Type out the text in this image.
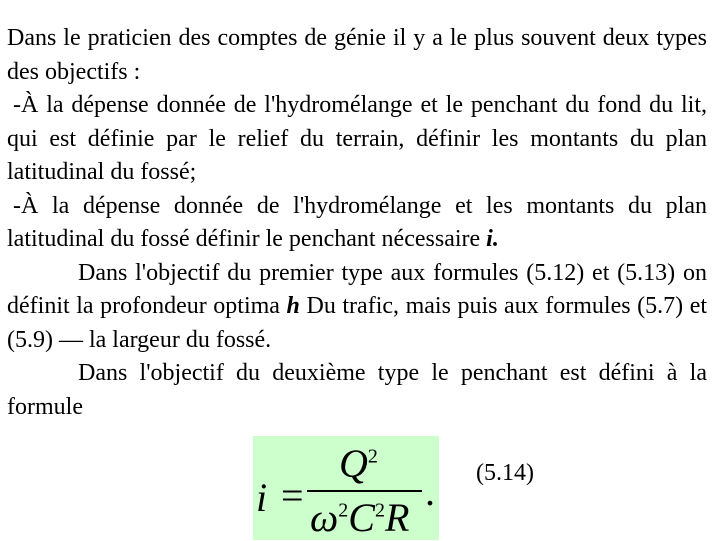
Dans le praticien des comptes de génie il y a le plus souvent deux types des objectifs :

-À la dépense donnée de l'hydromélange et le penchant du fond du lit, qui est définie par le relief du terrain, définir les montants du plan latitudinal du fossé;

-À la dépense donnée de l'hydromélange et les montants du plan latitudinal du fossé définir le penchant nécessaire i.

Dans l'objectif du premier type aux formules (5.12) et (5.13) on définit la profondeur optima h Du trafic, mais puis aux formules (5.7) et (5.9) — la largeur du fossé.

Dans l'objectif du deuxième type le penchant est défini à la formule

i =
$Q^2$
$\omega^2C^2R$
. (5.14)
